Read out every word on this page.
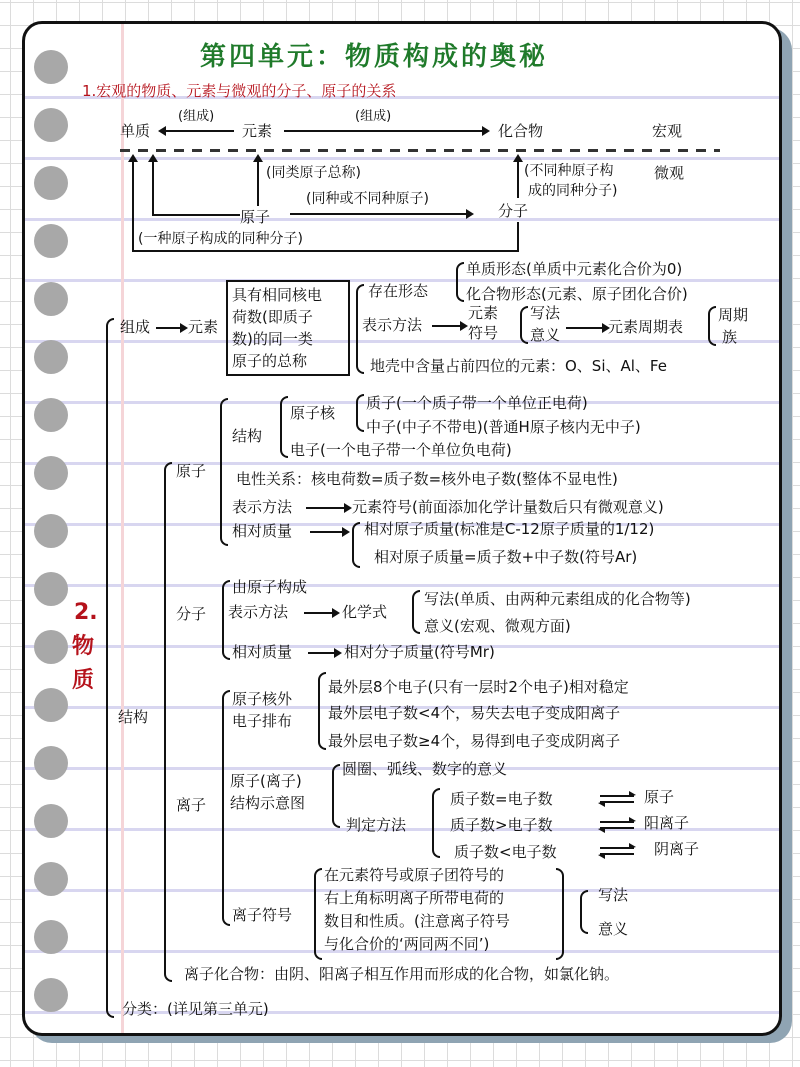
第四单元：物质构成的奥秘
1.宏观的物质、元素与微观的分子、原子的关系
单质
(组成)
元素
(组成)
化合物	宏观
(同类原子总称)
(同种或不同种原子)
原子	分子
(一种原子构成的同种分子)
(不同种原子构
成的同种分子)
微观
2.
物
质
组成	元素
具有相同核电
荷数(即质子
数)的同一类
原子的总称
存在形态
单质形态(单质中元素化合价为0)
化合物形态(元素、原子团化合价)
表示方法
元素
符号
写法
意义	元素周期表
周期
族
地壳中含量占前四位的元素：O、Si、Al、Fe
结构
原子
结构
原子核
质子(一个质子带一个单位正电荷)
中子(中子不带电)(普通H原子核内无中子)
电子(一个电子带一个单位负电荷)
电性关系：核电荷数=质子数=核外电子数(整体不显电性)
表示方法	元素符号(前面添加化学计量数后只有微观意义)
相对质量	相对原子质量(标准是C-12原子质量的1/12)
相对原子质量=质子数+中子数(符号Ar)
分子
由原子构成
表示方法	化学式
写法(单质、由两种元素组成的化合物等)
意义(宏观、微观方面)
相对质量	相对分子质量(符号Mr)
离子
原子核外
电子排布
最外层8个电子(只有一层时2个电子)相对稳定
最外层电子数<4个，易失去电子变成阳离子
最外层电子数≥4个，易得到电子变成阴离子
原子(离子)
结构示意图
圆圈、弧线、数字的意义
判定方法
质子数=电子数	⇌ 原子
质子数>电子数	⇌ 阳离子
质子数<电子数	⇌ 阴离子
离子符号
在元素符号或原子团符号的
右上角标明离子所带电荷的
数目和性质。(注意离子符号
与化合价的‘两同两不同’)
写法
意义
离子化合物：由阴、阳离子相互作用而形成的化合物，如氯化钠。
分类：(详见第三单元)
